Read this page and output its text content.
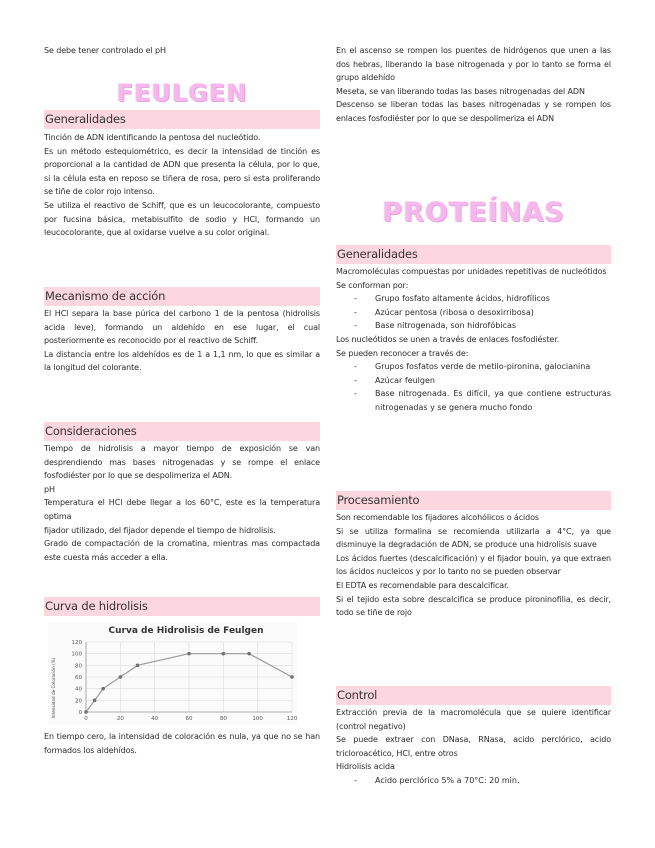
Se debe tener controlado el pH
FEULGEN
Generalidades
Tinción de ADN identificando la pentosa del nucleótido.
Es un método estequiométrico, es decir la intensidad de tinción es proporcional a la cantidad de ADN que presenta la célula, por lo que, si la célula esta en reposo se tiñera de rosa, pero si esta proliferando se tiñe de color rojo intenso.
Se utiliza el reactivo de Schiff, que es un leucocolorante, compuesto por fucsina básica, metabisulfito de sodio y HCl, formando un leucocolorante, que al oxidarse vuelve a su color original.
Mecanismo de acción
El HCl separa la base púrica del carbono 1 de la pentosa (hidrolisis acida leve), formando un aldehído en ese lugar, el cual posteriormente es reconocido por el reactivo de Schiff.
La distancia entre los aldehídos es de 1 a 1,1 nm, lo que es similar a la longitud del colorante.
Consideraciones
Tiempo de hidrolisis a mayor tiempo de exposición se van desprendiendo mas bases nitrogenadas y se rompe el enlace fosfodiéster por lo que se despolimeriza el ADN.
pH
Temperatura el HCl debe llegar a los 60°C, este es la temperatura optima
fijador utilizado, del fijador depende el tiempo de hidrolisis.
Grado de compactación de la cromatina, mientras mas compactada este cuesta más acceder a ella.
Curva de hidrolisis
Curva de Hidrolisis de Feulgen
Intensidad de Coloración (%)	0
20
40
60
80
100
120
0	20	40	60	80	100	120
En tiempo cero, la intensidad de coloración es nula, ya que no se han formados los aldehídos.
En el ascenso se rompen los puentes de hidrógenos que unen a las dos hebras, liberando la base nitrogenada y por lo tanto se forma el grupo aldehído
Meseta, se van liberando todas las bases nitrogenadas del ADN
Descenso se liberan todas las bases nitrogenadas y se rompen los enlaces fosfodiéster por lo que se despolimeriza el ADN
PROTEÍNAS
Generalidades
Macromoléculas compuestas por unidades repetitivas de nucleótidos
Se conforman por:
- Grupo fosfato altamente ácidos, hidrofílicos
- Azúcar pentosa (ribosa o desoxirribosa)
- Base nitrogenada, son hidrofóbicas
Los nucleótidos se unen a través de enlaces fosfodiéster.
Se pueden reconocer a través de:
- Grupos fosfatos verde de metilo-pironina, galocianina
- Azúcar feulgen
- Base nitrogenada. Es difícil, ya que contiene estructuras nitrogenadas y se genera mucho fondo
Procesamiento
Son recomendable los fijadores alcohólicos o ácidos
Si se utiliza formalina se recomienda utilizarla a 4°C, ya que disminuye la degradación de ADN, se produce una hidrolisis suave
Los ácidos fuertes (descalcificación) y el fijador bouin, ya que extraen los ácidos nucleicos y por lo tanto no se pueden observar
El EDTA es recomendable para descalcificar.
Si el tejido esta sobre descalcifica se produce pironinofilia, es decir, todo se tiñe de rojo
Control
Extracción previa de la macromolécula que se quiere identificar (control negativo)
Se puede extraer con DNasa, RNasa, acido perclórico, acido tricloroacético, HCl, entre otros
Hidrolisis acida
- Acido perclórico 5% a 70°C: 20 min.
